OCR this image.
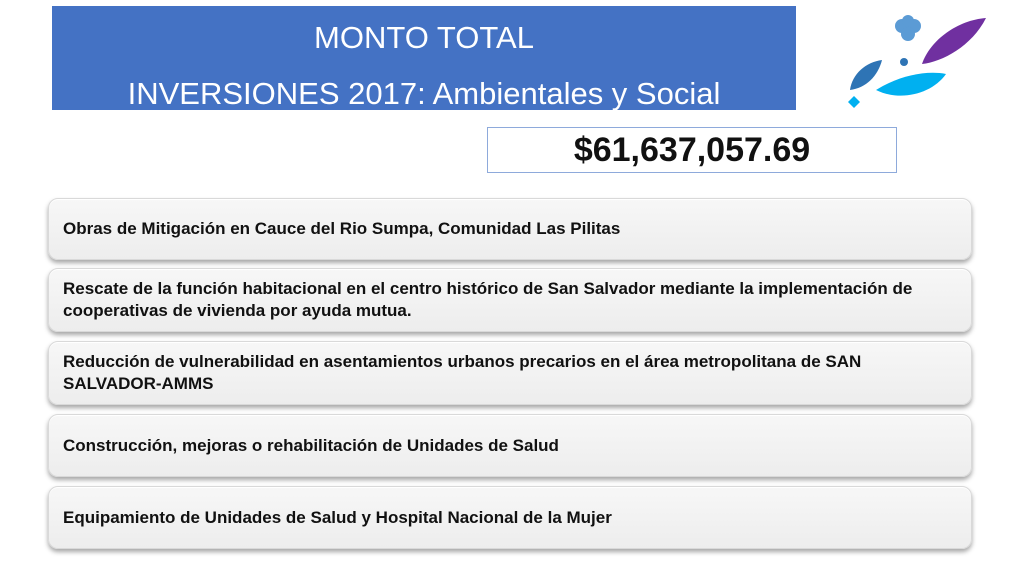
MONTO TOTAL
INVERSIONES 2017: Ambientales y Social
$61,637,057.69
Obras de Mitigación en Cauce del Rio Sumpa, Comunidad Las Pilitas
Rescate de la función habitacional en el centro histórico de San Salvador mediante la implementación de cooperativas de vivienda por ayuda mutua.
Reducción de vulnerabilidad en asentamientos urbanos precarios en el área metropolitana de SAN SALVADOR-AMMS
Construcción, mejoras o rehabilitación de Unidades de Salud
Equipamiento de Unidades de Salud y Hospital Nacional de la Mujer
